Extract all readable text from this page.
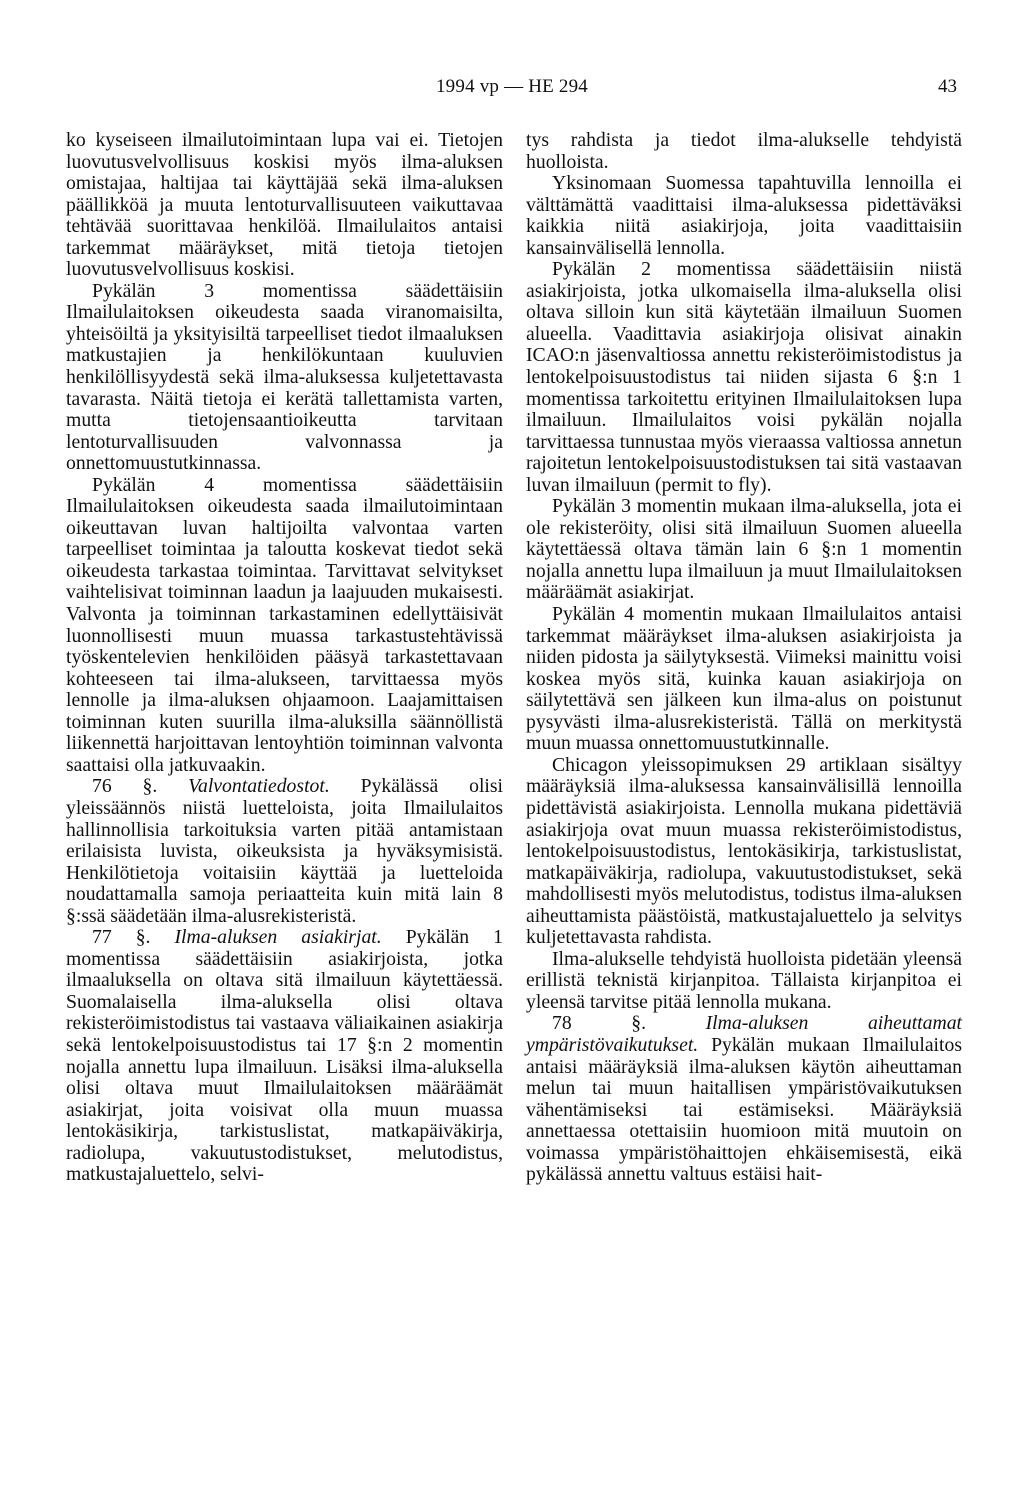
1994 vp — HE 294	43

ko kyseiseen ilmailutoimintaan lupa vai ei. Tietojen luovutusvelvollisuus koskisi myös ilma-aluksen omistajaa, haltijaa tai käyttäjää sekä ilma-aluksen päällikköä ja muuta lentoturvallisuuteen vaikuttavaa tehtävää suorittavaa henkilöä. Ilmailulaitos antaisi tarkemmat määräykset, mitä tietoja tietojen luovutusvelvollisuus koskisi.

Pykälän 3 momentissa säädettäisiin Ilmailulaitoksen oikeudesta saada viranomaisilta, yhteisöiltä ja yksityisiltä tarpeelliset tiedot ilmaaluksen matkustajien ja henkilökuntaan kuuluvien henkilöllisyydestä sekä ilma-aluksessa kuljetettavasta tavarasta. Näitä tietoja ei kerätä tallettamista varten, mutta tietojensaantioikeutta tarvitaan lentoturvallisuuden valvonnassa ja onnettomuustutkinnassa.

Pykälän 4 momentissa säädettäisiin Ilmailulaitoksen oikeudesta saada ilmailutoimintaan oikeuttavan luvan haltijoilta valvontaa varten tarpeelliset toimintaa ja taloutta koskevat tiedot sekä oikeudesta tarkastaa toimintaa. Tarvittavat selvitykset vaihtelisivat toiminnan laadun ja laajuuden mukaisesti. Valvonta ja toiminnan tarkastaminen edellyttäisivät luonnollisesti muun muassa tarkastustehtävissä työskentelevien henkilöiden pääsyä tarkastettavaan kohteeseen tai ilma-alukseen, tarvittaessa myös lennolle ja ilma-aluksen ohjaamoon. Laajamittaisen toiminnan kuten suurilla ilma-aluksilla säännöllistä liikennettä harjoittavan lentoyhtiön toiminnan valvonta saattaisi olla jatkuvaakin.

76 §. Valvontatiedostot. Pykälässä olisi yleissäännös niistä luetteloista, joita Ilmailulaitos hallinnollisia tarkoituksia varten pitää antamistaan erilaisista luvista, oikeuksista ja hyväksymisistä. Henkilötietoja voitaisiin käyttää ja luetteloida noudattamalla samoja periaatteita kuin mitä lain 8 §:ssä säädetään ilma-alusrekisteristä.

77 §. Ilma-aluksen asiakirjat. Pykälän 1 momentissa säädettäisiin asiakirjoista, jotka ilmaaluksella on oltava sitä ilmailuun käytettäessä. Suomalaisella ilma-aluksella olisi oltava rekisteröimistodistus tai vastaava väliaikainen asiakirja sekä lentokelpoisuustodistus tai 17 §:n 2 momentin nojalla annettu lupa ilmailuun. Lisäksi ilma-aluksella olisi oltava muut Ilmailulaitoksen määräämät asiakirjat, joita voisivat olla muun muassa lentokäsikirja, tarkistuslistat, matkapäiväkirja, radiolupa, vakuutustodistukset, melutodistus, matkustajaluettelo, selvi-

tys rahdista ja tiedot ilma-alukselle tehdyistä huolloista.

Yksinomaan Suomessa tapahtuvilla lennoilla ei välttämättä vaadittaisi ilma-aluksessa pidettäväksi kaikkia niitä asiakirjoja, joita vaadittaisiin kansainvälisellä lennolla.

Pykälän 2 momentissa säädettäisiin niistä asiakirjoista, jotka ulkomaisella ilma-aluksella olisi oltava silloin kun sitä käytetään ilmailuun Suomen alueella. Vaadittavia asiakirjoja olisivat ainakin ICAO:n jäsenvaltiossa annettu rekisteröimistodistus ja lentokelpoisuustodistus tai niiden sijasta 6 §:n 1 momentissa tarkoitettu erityinen Ilmailulaitoksen lupa ilmailuun. Ilmailulaitos voisi pykälän nojalla tarvittaessa tunnustaa myös vieraassa valtiossa annetun rajoitetun lentokelpoisuustodistuksen tai sitä vastaavan luvan ilmailuun (permit to fly).

Pykälän 3 momentin mukaan ilma-aluksella, jota ei ole rekisteröity, olisi sitä ilmailuun Suomen alueella käytettäessä oltava tämän lain 6 §:n 1 momentin nojalla annettu lupa ilmailuun ja muut Ilmailulaitoksen määräämät asiakirjat.

Pykälän 4 momentin mukaan Ilmailulaitos antaisi tarkemmat määräykset ilma-aluksen asiakirjoista ja niiden pidosta ja säilytyksestä. Viimeksi mainittu voisi koskea myös sitä, kuinka kauan asiakirjoja on säilytettävä sen jälkeen kun ilma-alus on poistunut pysyvästi ilma-alusrekisteristä. Tällä on merkitystä muun muassa onnettomuustutkinnalle.

Chicagon yleissopimuksen 29 artiklaan sisältyy määräyksiä ilma-aluksessa kansainvälisillä lennoilla pidettävistä asiakirjoista. Lennolla mukana pidettäviä asiakirjoja ovat muun muassa rekisteröimistodistus, lentokelpoisuustodistus, lentokäsikirja, tarkistuslistat, matkapäiväkirja, radiolupa, vakuutustodistukset, sekä mahdollisesti myös melutodistus, todistus ilma-aluksen aiheuttamista päästöistä, matkustajaluettelo ja selvitys kuljetettavasta rahdista.

Ilma-alukselle tehdyistä huolloista pidetään yleensä erillistä teknistä kirjanpitoa. Tällaista kirjanpitoa ei yleensä tarvitse pitää lennolla mukana.

78 §.	Ilma-aluksen aiheuttamat ympäristövaikutukset. Pykälän mukaan Ilmailulaitos antaisi määräyksiä ilma-aluksen käytön aiheuttaman melun tai muun haitallisen ympäristövaikutuksen vähentämiseksi tai estämiseksi. Määräyksiä annettaessa otettaisiin huomioon mitä muutoin on voimassa ympäristöhaittojen ehkäisemisestä, eikä pykälässä annettu valtuus estäisi hait-
